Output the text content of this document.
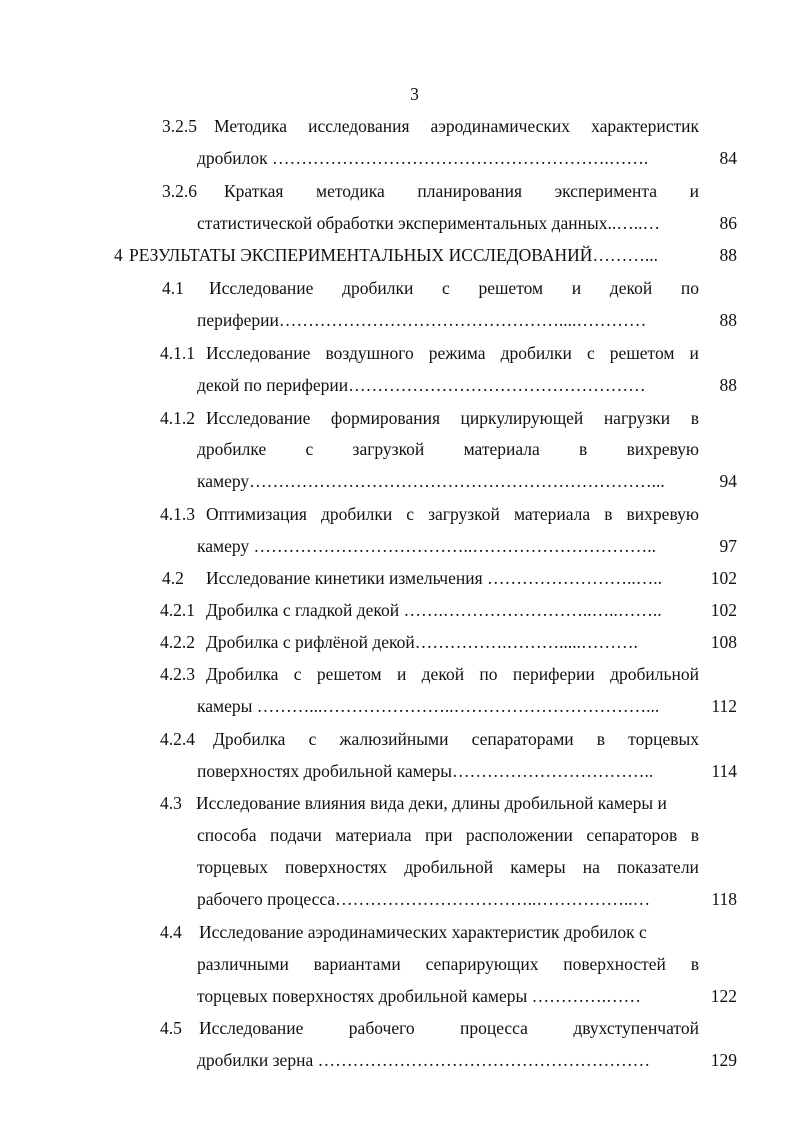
3
3.2.5 Методика исследования аэродинамических характеристик
дробилок ………………………………………………….…….	84
3.2.6 Краткая методика планирования эксперимента и
статистической обработки экспериментальных данных..…..…	86
4 РЕЗУЛЬТАТЫ ЭКСПЕРИМЕНТАЛЬНЫХ ИССЛЕДОВАНИЙ………...	88
4.1 Исследование дробилки с решетом и декой по
периферии…………………………………………....…………	88
4.1.1 Исследование воздушного режима дробилки с решетом и
декой по периферии……………………………………………	88
4.1.2 Исследование формирования циркулирующей нагрузки в
дробилке с загрузкой материала в вихревую
камеру……………………………………………………………...	94
4.1.3 Оптимизация дробилки с загрузкой материала в вихревую
камеру ………………………………..…………………………..	97
4.2 Исследование кинетики измельчения ……………………..…..	102
4.2.1 Дробилка с гладкой декой …….……………………..…..……..	102
4.2.2 Дробилка с рифлёной декой…………….……….....……….	108
4.2.3 Дробилка с решетом и декой по периферии дробильной
камеры ………...…………………..……………………………...	112
4.2.4 Дробилка с жалюзийными сепараторами в торцевых
поверхностях дробильной камеры……………………………..	114
4.3 Исследование влияния вида деки, длины дробильной камеры и
способа подачи материала при расположении сепараторов в
торцевых поверхностях дробильной камеры на показатели
рабочего процесса……………………………..……………..…	118
4.4 Исследование аэродинамических характеристик дробилок с
различными вариантами сепарирующих поверхностей в
торцевых поверхностях дробильной камеры ………….……	122
4.5 Исследование	рабочего	процесса	двухступенчатой
дробилки зерна …………………………………………………	129
